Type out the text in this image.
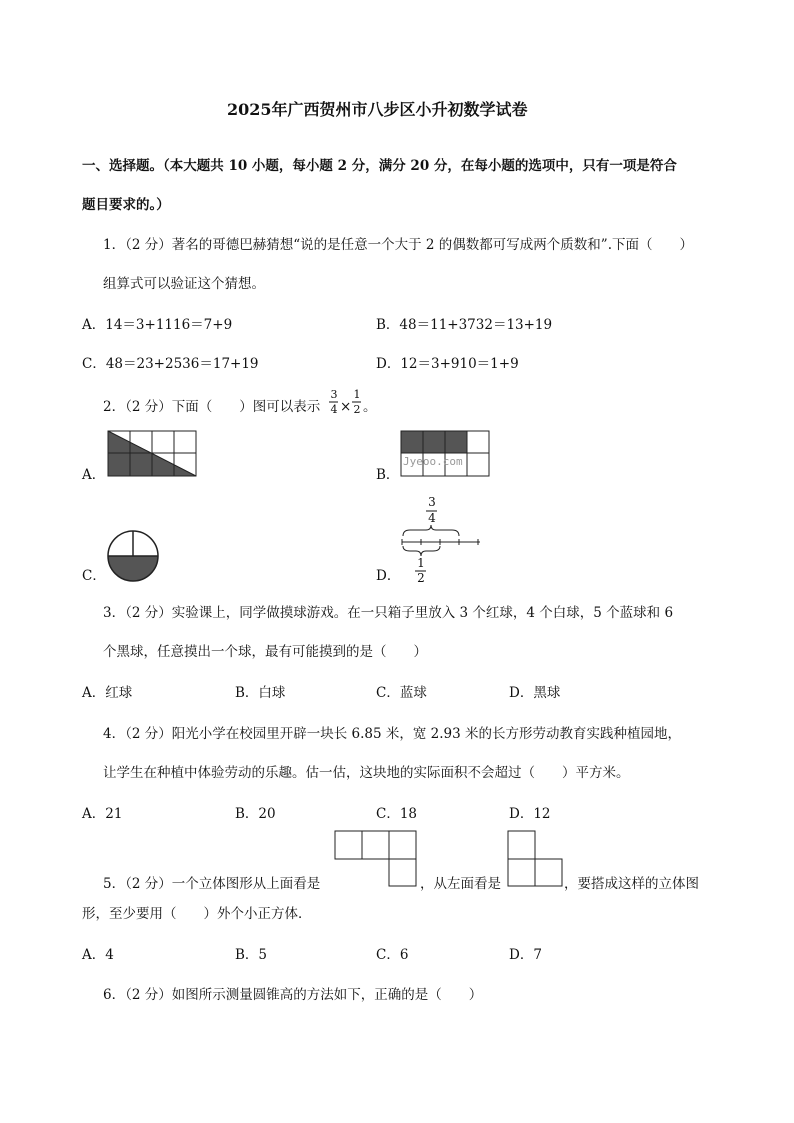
2025年广西贺州市八步区小升初数学试卷
一、选择题。（本大题共 10 小题，每小题 2 分，满分 20 分，在每小题的选项中，只有一项是符合
题目要求的。）
1．（2 分）著名的哥德巴赫猜想“说的是任意一个大于 2 的偶数都可写成两个质数和”.下面（　　）
组算式可以验证这个猜想。
A．14＝3+1116＝7+9	B．48＝11+3732＝13+19
C．48＝23+2536＝17+19	D．12＝3+910＝1+9
2．（2 分）下面（　　）图可以表示
3
4 ×
1
2 。
A．	B．
Jyeoo.com
C．	D．
3
4
1
2
3．（2 分）实验课上，同学做摸球游戏。在一只箱子里放入 3 个红球，4 个白球，5 个蓝球和 6
个黑球，任意摸出一个球，最有可能摸到的是（　　）
A．红球	B．白球	C．蓝球	D．黑球
4．（2 分）阳光小学在校园里开辟一块长 6.85 米，宽 2.93 米的长方形劳动教育实践种植园地，
让学生在种植中体验劳动的乐趣。估一估，这块地的实际面积不会超过（　　）平方米。
A．21	B．20	C．18	D．12
5．（2 分）一个立体图形从上面看是	，从左面看是	，要搭成这样的立体图
形，至少要用（　　）外个小正方体．
A．4	B．5	C．6	D．7
6．（2 分）如图所示测量圆锥高的方法如下，正确的是（　　）
